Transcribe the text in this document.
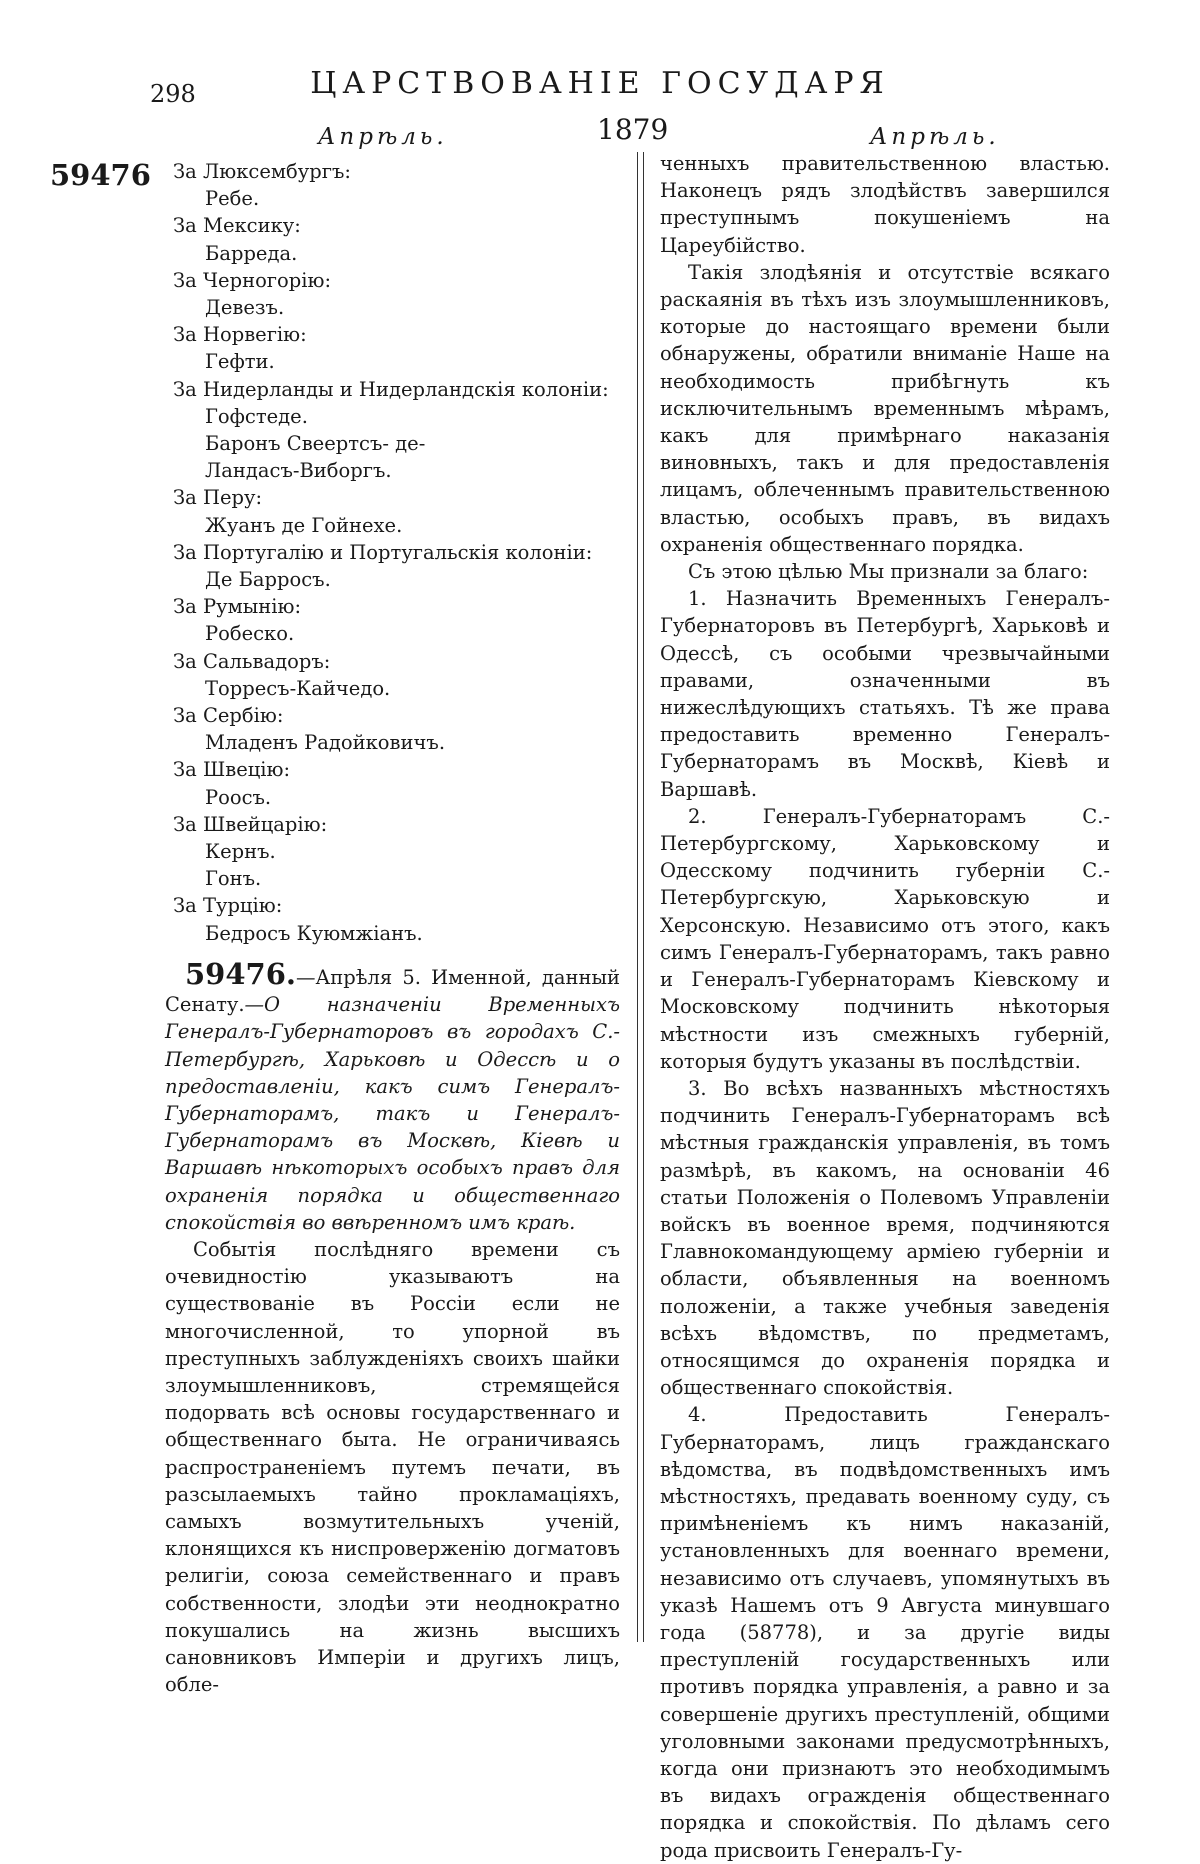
298	ЦАРСТВОВАНІЕ ГОСУДАРЯ
Апрѣль.	1879	Апрѣль.
59476	За Люксембургъ:
Ребе.
За Мексику:
Барреда.
За Черногорію:
Девезъ.
За Норвегію:
Гефти.
За Нидерланды и Нидерландскія колоніи:
Гофстеде.
Баронъ Свеертсъ- де-
Ландасъ-Виборгъ.
За Перу:
Жуанъ де Гойнехе.
За Португалію и Португальскія колоніи:
Де Барросъ.
За Румынію:
Робеско.
За Сальвадоръ:
Торресъ-Кайчедо.
За Сербію:
Младенъ Радойковичъ.
За Швецію:
Роосъ.
За Швейцарію:
Кернъ.
Гонъ.
За Турцію:
Бедросъ Куюмжіанъ.

59476.—Апрѣля 5. Именной, данный Сенату.—О назначеніи Временныхъ Генералъ-Губернаторовъ въ городахъ С.-Петербургѣ, Харьковѣ и Одессѣ и о предоставленіи, какъ симъ Генералъ-Губернаторамъ, такъ и Генералъ-Губернаторамъ въ Москвѣ, Кіевѣ и Варшавѣ нѣкоторыхъ особыхъ правъ для охраненія порядка и общественнаго спокойствія во ввѣренномъ имъ краѣ.

Событія послѣдняго времени съ очевидностію указываютъ на существованіе въ Россіи если не многочисленной, то упорной въ преступныхъ заблужденіяхъ своихъ шайки злоумышленниковъ, стремящейся подорвать всѣ основы государственнаго и общественнаго быта. Не ограничиваясь распространеніемъ путемъ печати, въ разсылаемыхъ тайно прокламаціяхъ, самыхъ возмутительныхъ ученій, клонящихся къ ниспроверженію догматовъ религіи, союза семейственнаго и правъ собственности, злодѣи эти неоднократно покушались на жизнь высшихъ сановниковъ Имперіи и другихъ лицъ, обле-

ченныхъ правительственною властью. Наконецъ рядъ злодѣйствъ завершился преступнымъ покушеніемъ на Цареубійство.

Такія злодѣянія и отсутствіе всякаго раскаянія въ тѣхъ изъ злоумышленниковъ, которые до настоящаго времени были обнаружены, обратили вниманіе Наше на необходимость прибѣгнуть къ исключительнымъ временнымъ мѣрамъ, какъ для примѣрнаго наказанія виновныхъ, такъ и для предоставленія лицамъ, облеченнымъ правительственною властью, особыхъ правъ, въ видахъ охраненія общественнаго порядка.

Съ этою цѣлью Мы признали за благо:

1. Назначить Временныхъ Генералъ-Губернаторовъ въ Петербургѣ, Харьковѣ и Одессѣ, съ особыми чрезвычайными правами, означенными въ нижеслѣдующихъ статьяхъ. Тѣ же права предоставить временно Генералъ-Губернаторамъ въ Москвѣ, Кіевѣ и Варшавѣ.

2. Генералъ-Губернаторамъ С.-Петербургскому, Харьковскому и Одесскому подчинить губерніи С.-Петербургскую, Харьковскую и Херсонскую. Независимо отъ этого, какъ симъ Генералъ-Губернаторамъ, такъ равно и Генералъ-Губернаторамъ Кіевскому и Московскому подчинить нѣкоторыя мѣстности изъ смежныхъ губерній, которыя будутъ указаны въ послѣдствіи.

3. Во всѣхъ названныхъ мѣстностяхъ подчинить Генералъ-Губернаторамъ всѣ мѣстныя гражданскія управленія, въ томъ размѣрѣ, въ какомъ, на основаніи 46 статьи Положенія о Полевомъ Управленіи войскъ въ военное время, подчиняются Главнокомандующему арміею губерніи и области, объявленныя на военномъ положеніи, а также учебныя заведенія всѣхъ вѣдомствъ, по предметамъ, относящимся до охраненія порядка и общественнаго спокойствія.

4. Предоставить Генералъ-Губернаторамъ, лицъ гражданскаго вѣдомства, въ подвѣдомственныхъ имъ мѣстностяхъ, предавать военному суду, съ примѣненіемъ къ нимъ наказаній, установленныхъ для военнаго времени, независимо отъ случаевъ, упомянутыхъ въ указѣ Нашемъ отъ 9 Августа минувшаго года (58778), и за другіе виды преступленій государственныхъ или противъ порядка управленія, а равно и за совершеніе другихъ преступленій, общими уголовными законами предусмотрѣнныхъ, когда они признаютъ это необходимымъ въ видахъ огражденія общественнаго порядка и спокойствія. По дѣламъ сего рода присвоить Генералъ-Гу-
